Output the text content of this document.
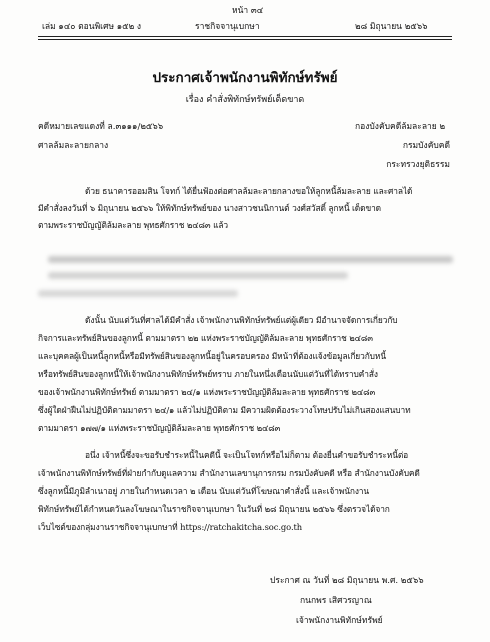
หน้า ๓๔
เล่ม ๑๔๐ ตอนพิเศษ ๑๕๒ ง	ราชกิจจานุเบกษา	๒๘ มิถุนายน ๒๕๖๖
ประกาศเจ้าพนักงานพิทักษ์ทรัพย์
เรื่อง คำสั่งพิทักษ์ทรัพย์เด็ดขาด
คดีหมายเลขแดงที่ ล.๓๑๑๑/๒๕๖๖
ศาลล้มละลายกลาง
กองบังคับคดีล้มละลาย ๒
กรมบังคับคดี
กระทรวงยุติธรรม
ด้วย ธนาคารออมสิน โจทก์ ได้ยื่นฟ้องต่อศาลล้มละลายกลางขอให้ลูกหนี้ล้มละลาย และศาลได้
มีคำสั่งลงวันที่ ๖ มิถุนายน ๒๕๖๖ ให้พิทักษ์ทรัพย์ของ นางสาวชนนิกานต์ วงศ์สวัสดิ์ ลูกหนี้ เด็ดขาด
ตามพระราชบัญญัติล้มละลาย พุทธศักราช ๒๔๘๓ แล้ว
ดังนั้น นับแต่วันที่ศาลได้มีคำสั่ง เจ้าพนักงานพิทักษ์ทรัพย์แต่ผู้เดียว มีอำนาจจัดการเกี่ยวกับ
กิจการและทรัพย์สินของลูกหนี้ ตามมาตรา ๒๒ แห่งพระราชบัญญัติล้มละลาย พุทธศักราช ๒๔๘๓
และบุคคลผู้เป็นหนี้ลูกหนี้หรือมีทรัพย์สินของลูกหนี้อยู่ในครอบครอง มีหน้าที่ต้องแจ้งข้อมูลเกี่ยวกับหนี้
หรือทรัพย์สินของลูกหนี้ให้เจ้าพนักงานพิทักษ์ทรัพย์ทราบ ภายในหนึ่งเดือนนับแต่วันที่ได้ทราบคำสั่ง
ของเจ้าพนักงานพิทักษ์ทรัพย์ ตามมาตรา ๒๔/๑ แห่งพระราชบัญญัติล้มละลาย พุทธศักราช ๒๔๘๓
ซึ่งผู้ใดฝ่าฝืนไม่ปฏิบัติตามมาตรา ๒๔/๑ แล้วไม่ปฏิบัติตาม มีความผิดต้องระวางโทษปรับไม่เกินสองแสนบาท
ตามมาตรา ๑๗๗/๑ แห่งพระราชบัญญัติล้มละลาย พุทธศักราช ๒๔๘๓
อนึ่ง เจ้าหนี้ซึ่งจะขอรับชำระหนี้ในคดีนี้ จะเป็นโจทก์หรือไม่ก็ตาม ต้องยื่นคำขอรับชำระหนี้ต่อ
เจ้าพนักงานพิทักษ์ทรัพย์ที่ฝ่ายกำกับดูแลความ สำนักงานเลขานุการกรม กรมบังคับคดี หรือ สำนักงานบังคับคดี
ซึ่งลูกหนี้มีภูมิลำเนาอยู่ ภายในกำหนดเวลา ๒ เดือน นับแต่วันที่โฆษณาคำสั่งนี้ และเจ้าพนักงาน
พิทักษ์ทรัพย์ได้กำหนดวันลงโฆษณาในราชกิจจานุเบกษา ในวันที่ ๒๘ มิถุนายน ๒๕๖๖ ซึ่งตรวจได้จาก
เว็บไซต์ของกลุ่มงานราชกิจจานุเบกษาที่ https://ratchakitcha.soc.go.th
ประกาศ ณ วันที่ ๒๘ มิถุนายน พ.ศ. ๒๕๖๖
กนกพร เสิศวรญาณ
เจ้าพนักงานพิทักษ์ทรัพย์
